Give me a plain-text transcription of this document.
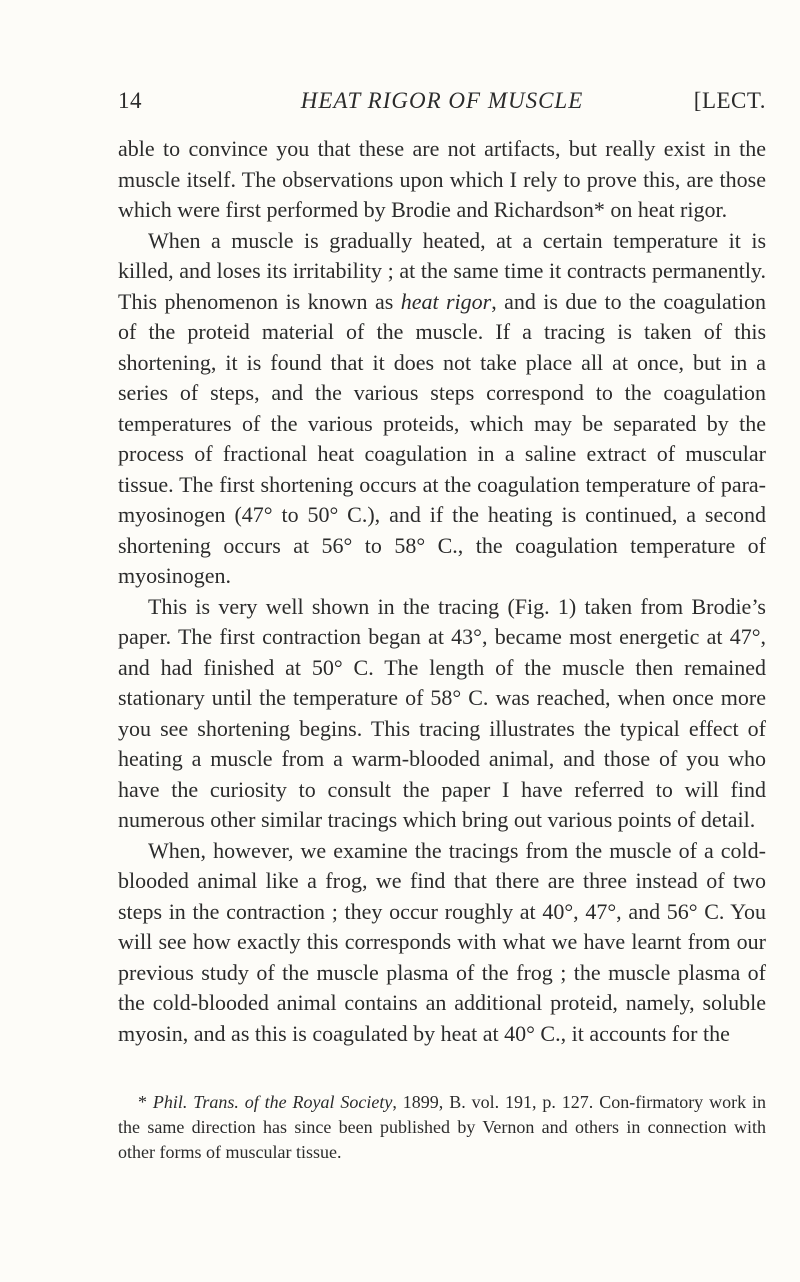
14	HEAT RIGOR OF MUSCLE	[LECT.

able to convince you that these are not artifacts, but really exist in the muscle itself. The observations upon which I rely to prove this, are those which were first performed by Brodie and Richardson* on heat rigor.

When a muscle is gradually heated, at a certain temperature it is killed, and loses its irritability ; at the same time it contracts permanently. This phenomenon is known as heat rigor, and is due to the coagulation of the proteid material of the muscle. If a tracing is taken of this shortening, it is found that it does not take place all at once, but in a series of steps, and the various steps correspond to the coagulation temperatures of the various proteids, which may be separated by the process of fractional heat coagulation in a saline extract of muscular tissue. The first shortening occurs at the coagulation temperature of para-myosinogen (47° to 50° C.), and if the heating is continued, a second shortening occurs at 56° to 58° C., the coagulation temperature of myosinogen.

This is very well shown in the tracing (Fig. 1) taken from Brodie’s paper. The first contraction began at 43°, became most energetic at 47°, and had finished at 50° C. The length of the muscle then remained stationary until the temperature of 58° C. was reached, when once more you see shortening begins. This tracing illustrates the typical effect of heating a muscle from a warm-blooded animal, and those of you who have the curiosity to consult the paper I have referred to will find numerous other similar tracings which bring out various points of detail.

When, however, we examine the tracings from the muscle of a cold-blooded animal like a frog, we find that there are three instead of two steps in the contraction ; they occur roughly at 40°, 47°, and 56° C. You will see how exactly this corresponds with what we have learnt from our previous study of the muscle plasma of the frog ; the muscle plasma of the cold-blooded animal contains an additional proteid, namely, soluble myosin, and as this is coagulated by heat at 40° C., it accounts for the

* Phil. Trans. of the Royal Society, 1899, B. vol. 191, p. 127. Con-firmatory work in the same direction has since been published by Vernon and others in connection with other forms of muscular tissue.
